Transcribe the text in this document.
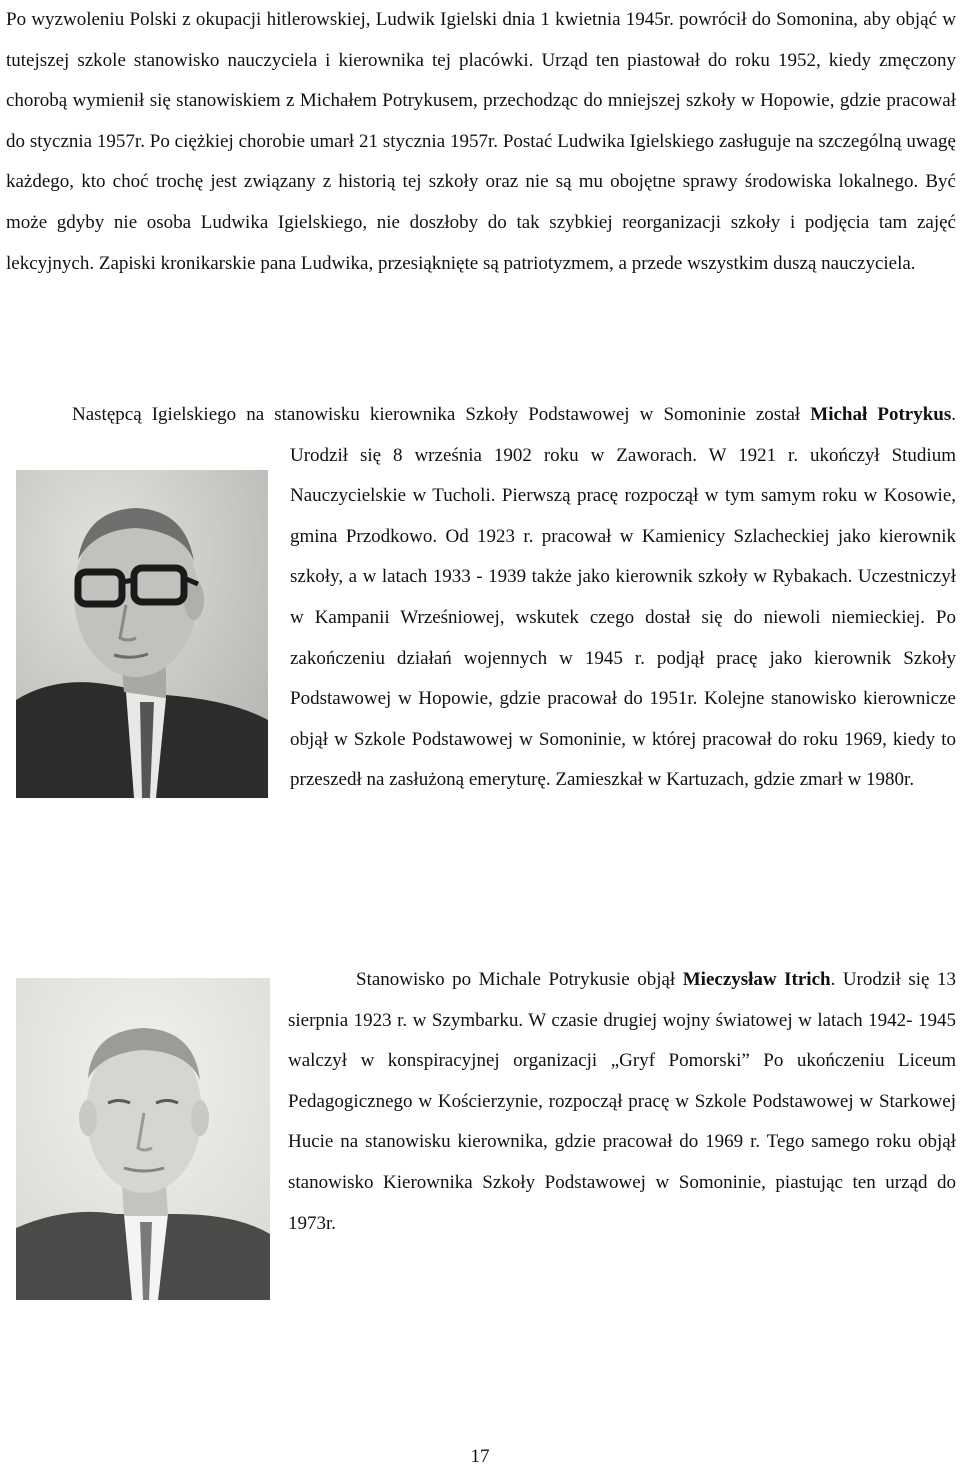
Po wyzwoleniu Polski z okupacji hitlerowskiej, Ludwik Igielski dnia 1 kwietnia 1945r. powrócił do Somonina, aby objąć w tutejszej szkole stanowisko nauczyciela i kierownika tej placówki. Urząd ten piastował do roku 1952, kiedy zmęczony chorobą wymienił się stanowiskiem z Michałem Potrykusem, przechodząc do mniejszej szkoły w Hopowie, gdzie pracował do stycznia 1957r. Po ciężkiej chorobie umarł 21 stycznia 1957r. Postać Ludwika Igielskiego zasługuje na szczególną uwagę każdego, kto choć trochę jest związany z historią tej szkoły oraz nie są mu obojętne sprawy środowiska lokalnego. Być może gdyby nie osoba Ludwika Igielskiego, nie doszłoby do tak szybkiej reorganizacji szkoły i podjęcia tam zajęć lekcyjnych. Zapiski kronikarskie pana Ludwika, przesiąknięte są patriotyzmem, a przede wszystkim duszą nauczyciela.

Następcą Igielskiego na stanowisku kierownika Szkoły Podstawowej w Somoninie został Michał Potrykus
. Urodził się 8 września 1902 roku w Zaworach. W 1921 r. ukończył Studium Nauczycielskie w Tucholi. Pierwszą pracę rozpoczął w tym samym roku w Kosowie, gmina Przodkowo. Od 1923 r. pracował w Kamienicy Szlacheckiej jako kierownik szkoły, a w latach 1933 - 1939 także jako kierownik szkoły w Rybakach. Uczestniczył w Kampanii Wrześniowej, wskutek czego dostał się do niewoli niemieckiej. Po zakończeniu działań wojennych w 1945 r. podjął pracę jako kierownik Szkoły Podstawowej w Hopowie, gdzie pracował do 1951r. Kolejne stanowisko kierownicze objął w Szkole Podstawowej w Somoninie, w której pracował do roku 1969, kiedy to przeszedł na zasłużoną emeryturę. Zamieszkał w Kartuzach, gdzie zmarł w 1980r.

Stanowisko po Michale Potrykusie objął Mieczysław Itrich. Urodził się 13 sierpnia 1923 r. w Szymbarku. W czasie drugiej wojny światowej w latach 1942- 1945 walczył w konspiracyjnej organizacji „Gryf Pomorski” Po ukończeniu Liceum Pedagogicznego w Kościerzynie, rozpoczął pracę w Szkole Podstawowej w Starkowej Hucie na stanowisku kierownika, gdzie pracował do 1969 r. Tego samego roku objął stanowisko Kierownika Szkoły Podstawowej w Somoninie, piastując ten urząd do 1973r.

17
